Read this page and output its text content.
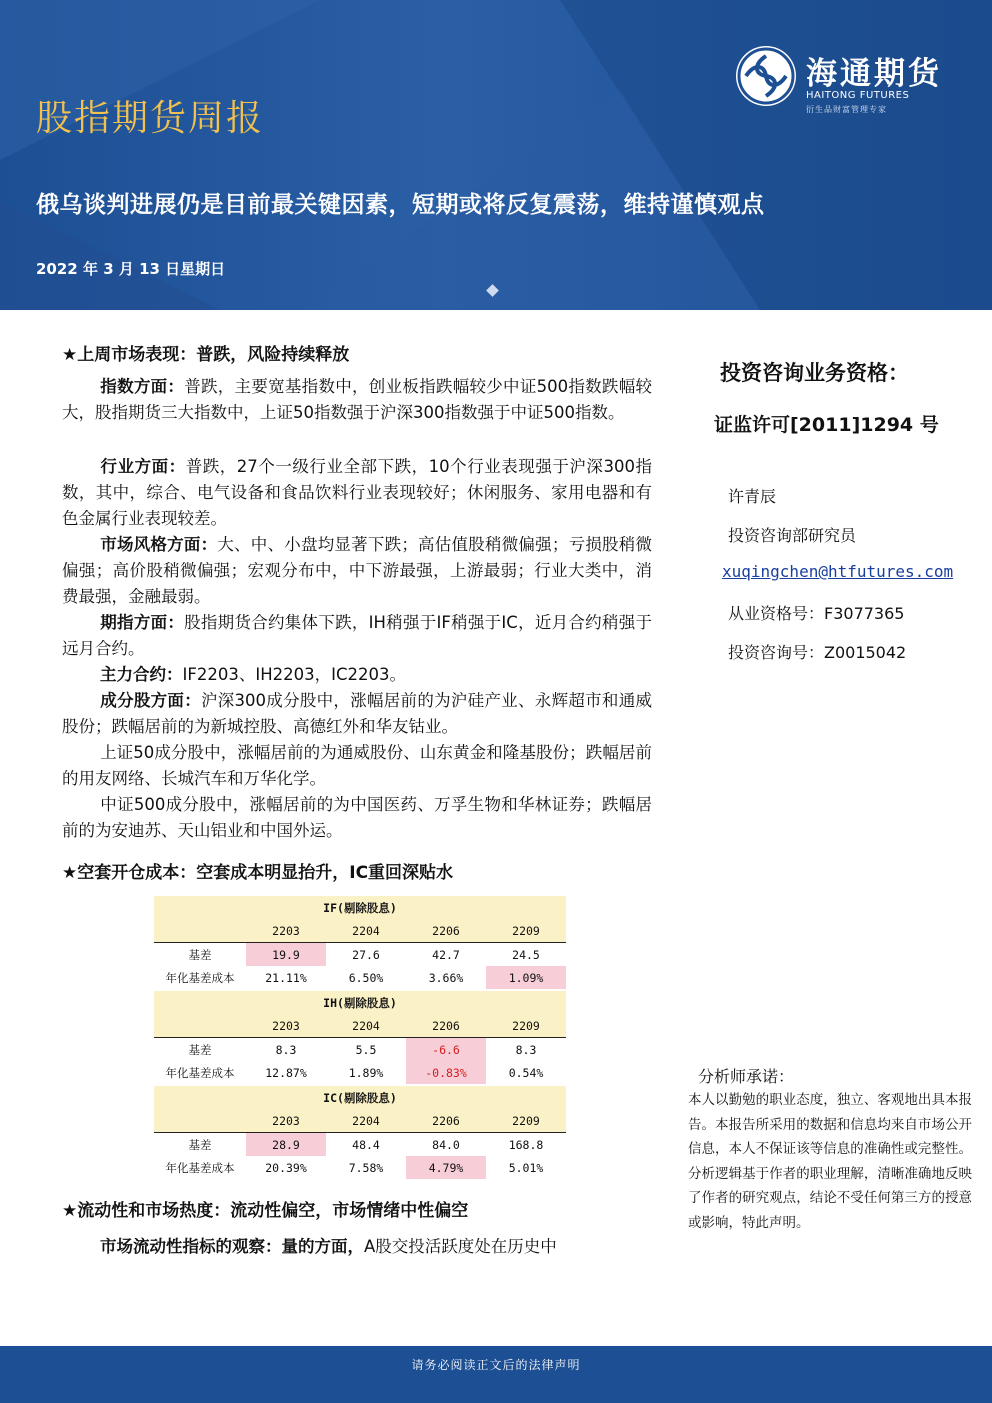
海通期货
HAITONG FUTURES
衍生品财富管理专家
股指期货周报
俄乌谈判进展仍是目前最关键因素，短期或将反复震荡，维持谨慎观点
2022 年 3 月 13 日星期日
★上周市场表现：普跌，风险持续释放
指数方面：普跌，主要宽基指数中，创业板指跌幅较少中证500指数跌幅较大，股指期货三大指数中，上证50指数强于沪深300指数强于中证500指数。
行业方面：普跌，27个一级行业全部下跌，10个行业表现强于沪深300指数，其中，综合、电气设备和食品饮料行业表现较好；休闲服务、家用电器和有色金属行业表现较差。
市场风格方面：大、中、小盘均显著下跌；高估值股稍微偏强；亏损股稍微偏强；高价股稍微偏强；宏观分布中，中下游最强，上游最弱；行业大类中，消费最强，金融最弱。
期指方面：股指期货合约集体下跌，IH稍强于IF稍强于IC，近月合约稍强于远月合约。
主力合约：IF2203、IH2203，IC2203。
成分股方面：沪深300成分股中，涨幅居前的为沪硅产业、永辉超市和通威股份；跌幅居前的为新城控股、高德红外和华友钴业。
上证50成分股中，涨幅居前的为通威股份、山东黄金和隆基股份；跌幅居前的用友网络、长城汽车和万华化学。
中证500成分股中，涨幅居前的为中国医药、万孚生物和华林证券；跌幅居前的为安迪苏、天山铝业和中国外运。
★空套开仓成本：空套成本明显抬升，IC重回深贴水
IF(剔除股息)				
	2203	2204	2206	2209
基差	19.9	27.6	42.7	24.5
年化基差成本	21.11%	6.50%	3.66%	1.09%
IH(剔除股息)				
	2203	2204	2206	2209
基差	8.3	5.5	-6.6	8.3
年化基差成本	12.87%	1.89%	-0.83%	0.54%
IC(剔除股息)				
	2203	2204	2206	2209
基差	28.9	48.4	84.0	168.8
年化基差成本	20.39%	7.58%	4.79%	5.01%
★流动性和市场热度：流动性偏空，市场情绪中性偏空
市场流动性指标的观察：量的方面，A股交投活跃度处在历史中
投资咨询业务资格：
证监许可[2011]1294 号
许青辰
投资咨询部研究员
xuqingchen@htfutures.com
从业资格号：F3077365
投资咨询号：Z0015042
分析师承诺：
本人以勤勉的职业态度，独立、客观地出具本报告。本报告所采用的数据和信息均来自市场公开信息，本人不保证该等信息的准确性或完整性。分析逻辑基于作者的职业理解，清晰准确地反映了作者的研究观点，结论不受任何第三方的授意或影响，特此声明。
请务必阅读正文后的法律声明
